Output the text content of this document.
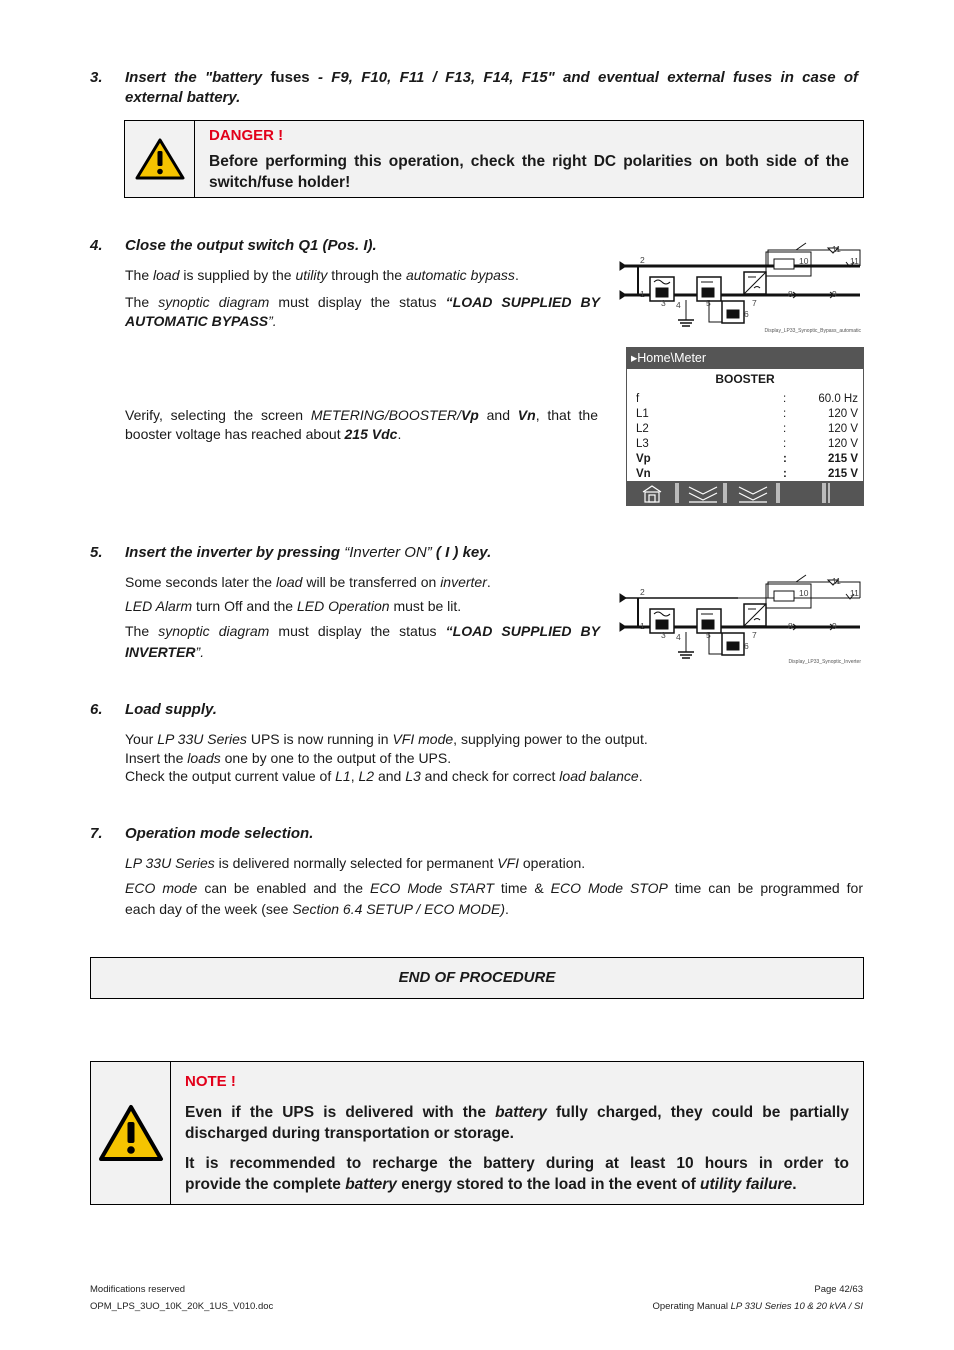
3. Insert the "battery fuses - F9, F10, F11 / F13, F14, F15" and eventual external fuses in case of
external battery.
DANGER !
Before performing this operation, check the right DC polarities on both side of the switch/fuse holder!
4. Close the output switch Q1 (Pos. I).
The load is supplied by the utility through the automatic bypass.
The synoptic diagram must display the status “LOAD SUPPLIED BY
AUTOMATIC BYPASS”.
2
1
3 4	5
6
7
8	9
10
11
11
Display_LP33_Synoptic_Bypass_automatic
▸Home\Meter
BOOSTER
f	:	60.0 Hz
L1	:	120 V
L2	:	120 V
L3	:	120 V
Vp	:	215 V
Vn	:	215 V
Verify, selecting the screen METERING/BOOSTER/Vp and Vn, that the
booster voltage has reached about 215 Vdc.
5. Insert the inverter by pressing “Inverter ON” ( I ) key.
Some seconds later the load will be transferred on inverter.
LED Alarm turn Off and the LED Operation must be lit.
The synoptic diagram must display the status “LOAD SUPPLIED BY
INVERTER”.
2
1
3 4	5
6
7
8	9
10
11
11
Display_LP33_Synoptic_Inverter
6. Load supply.
Your LP 33U Series UPS is now running in VFI mode, supplying power to the output.
Insert the loads one by one to the output of the UPS.
Check the output current value of L1, L2 and L3 and check for correct load balance.
7. Operation mode selection.
LP 33U Series is delivered normally selected for permanent VFI operation.
ECO mode can be enabled and the ECO Mode START time & ECO Mode STOP time can be programmed for
each day of the week (see Section 6.4 SETUP / ECO MODE).
END OF PROCEDURE
NOTE !
Even if the UPS is delivered with the battery fully charged, they could be partially
discharged during transportation or storage.
It is recommended to recharge the battery during at least 10 hours in order to
provide the complete battery energy stored to the load in the event of utility failure.
Modifications reserved
OPM_LPS_3UO_10K_20K_1US_V010.doc
Page 42/63
Operating Manual LP 33U Series 10 & 20 kVA / SI
